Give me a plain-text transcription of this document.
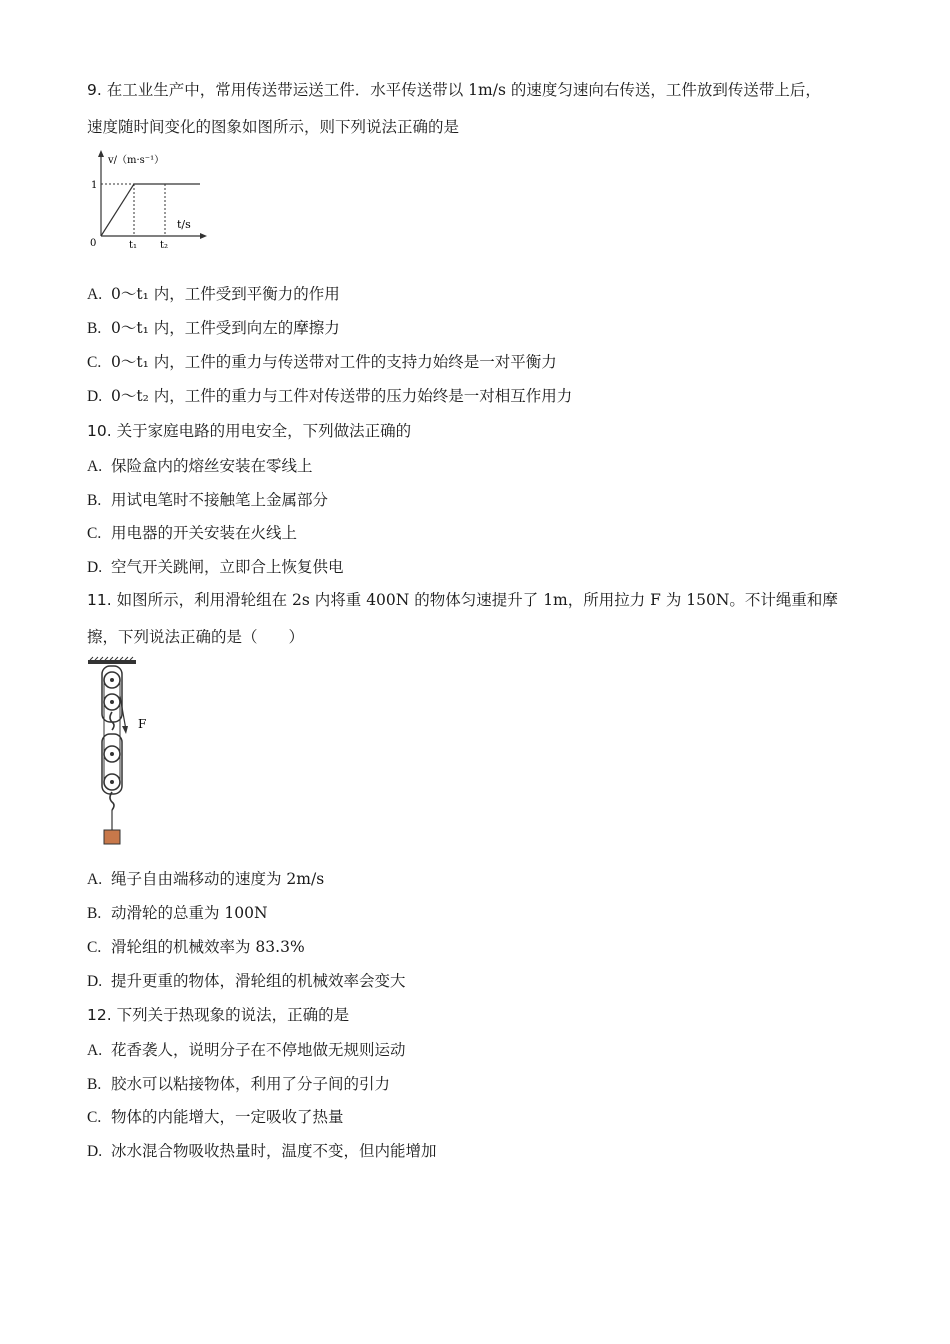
9. 在工业生产中，常用传送带运送工件．水平传送带以 1m/s 的速度匀速向右传送，工件放到传送带上后，
速度随时间变化的图象如图所示，则下列说法正确的是
v/（m·s⁻¹）
t/s
1
0	t₁ t₂
A. 0～t₁ 内，工件受到平衡力的作用
B. 0～t₁ 内，工件受到向左的摩擦力
C. 0～t₁ 内，工件的重力与传送带对工件的支持力始终是一对平衡力
D. 0～t₂ 内，工件的重力与工件对传送带的压力始终是一对相互作用力
10. 关于家庭电路的用电安全，下列做法正确的
A. 保险盒内的熔丝安装在零线上
B. 用试电笔时不接触笔上金属部分
C. 用电器的开关安装在火线上
D. 空气开关跳闸，立即合上恢复供电
11. 如图所示，利用滑轮组在 2s 内将重 400N 的物体匀速提升了 1m，所用拉力 F 为 150N。不计绳重和摩
擦，下列说法正确的是（　　）
F
A. 绳子自由端移动的速度为 2m/s
B. 动滑轮的总重为 100N
C. 滑轮组的机械效率为 83.3%
D. 提升更重的物体，滑轮组的机械效率会变大
12. 下列关于热现象的说法，正确的是
A. 花香袭人，说明分子在不停地做无规则运动
B. 胶水可以粘接物体，利用了分子间的引力
C. 物体的内能增大，一定吸收了热量
D. 冰水混合物吸收热量时，温度不变，但内能增加
